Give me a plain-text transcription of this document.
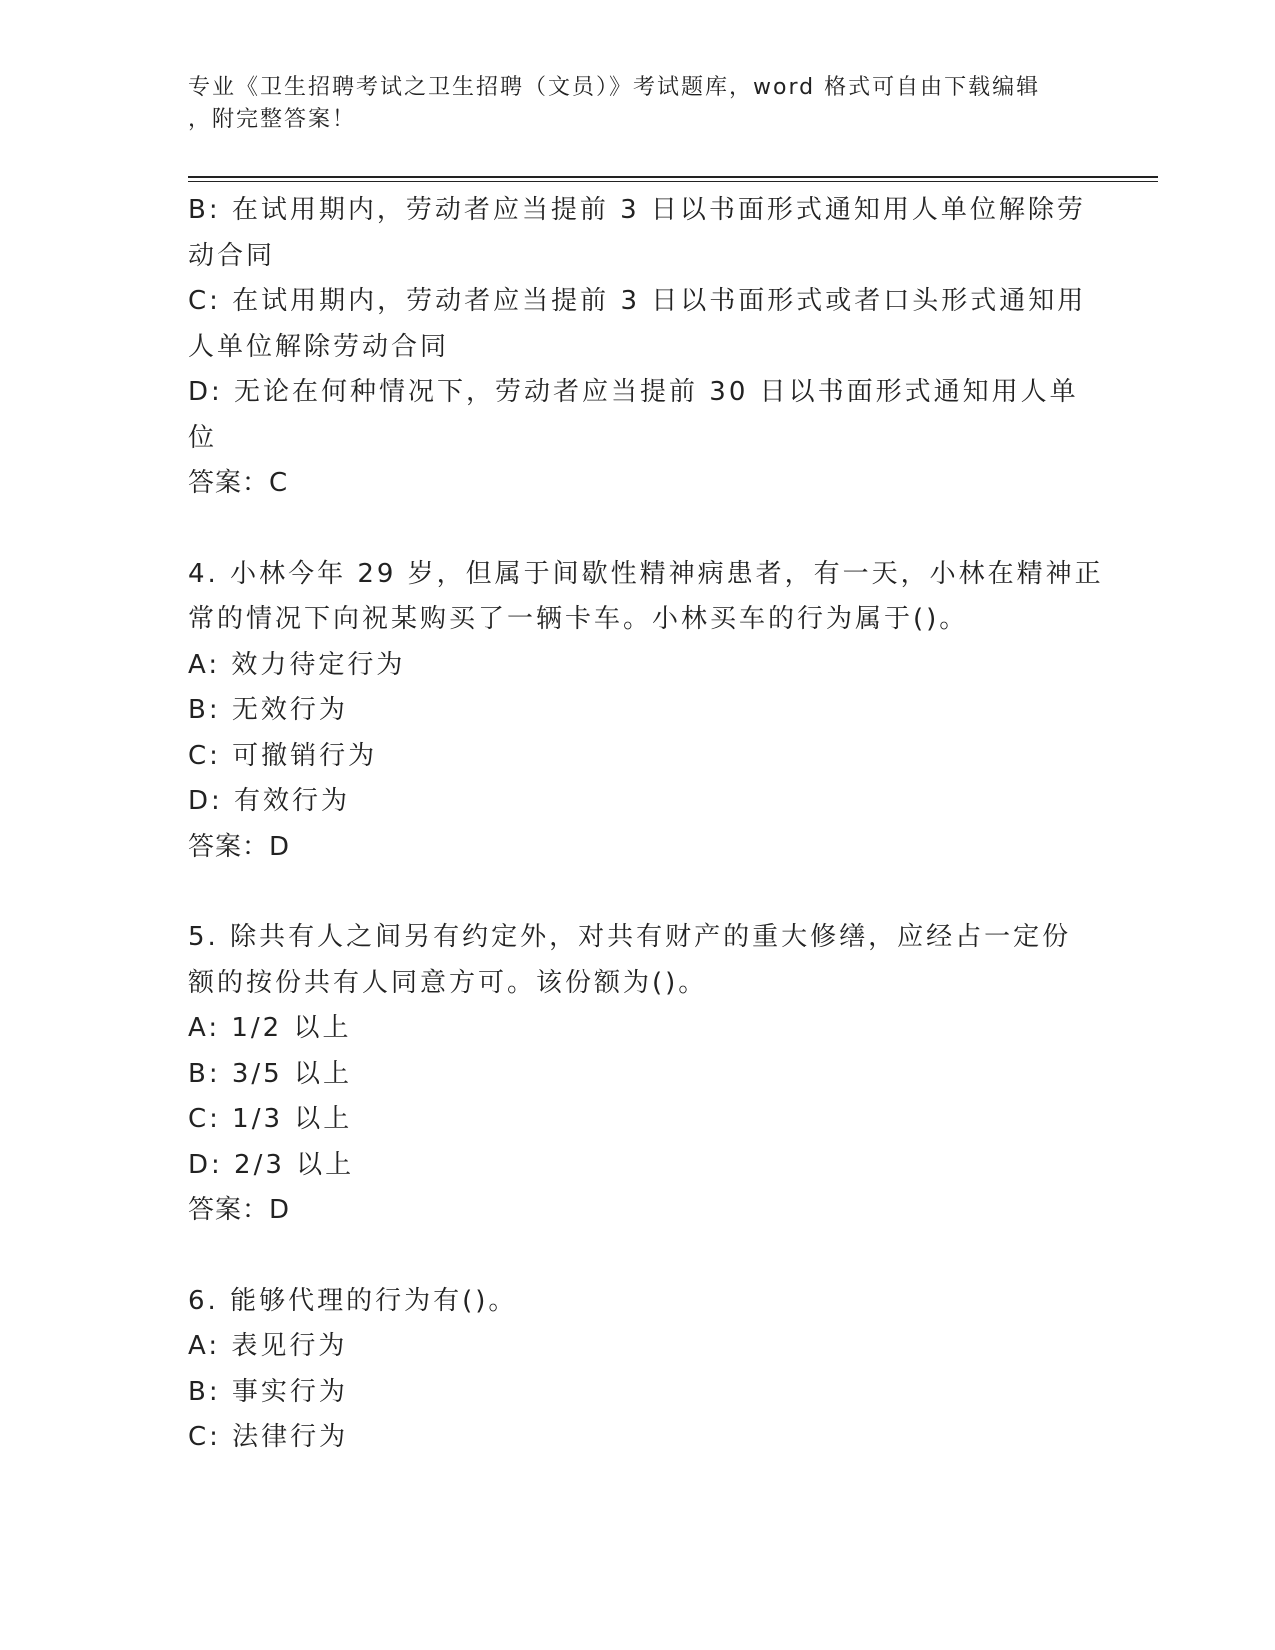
专业《卫生招聘考试之卫生招聘（文员）》考试题库，word 格式可自由下载编辑
，附完整答案！
B: 在试用期内，劳动者应当提前 3 日以书面形式通知用人单位解除劳
动合同
C: 在试用期内，劳动者应当提前 3 日以书面形式或者口头形式通知用
人单位解除劳动合同
D: 无论在何种情况下，劳动者应当提前 30 日以书面形式通知用人单
位
答案：C
4. 小林今年 29 岁，但属于间歇性精神病患者，有一天，小林在精神正
常的情况下向祝某购买了一辆卡车。小林买车的行为属于()。
A: 效力待定行为
B: 无效行为
C: 可撤销行为
D: 有效行为
答案：D
5. 除共有人之间另有约定外，对共有财产的重大修缮，应经占一定份
额的按份共有人同意方可。该份额为()。
A: 1/2 以上
B: 3/5 以上
C: 1/3 以上
D: 2/3 以上
答案：D
6. 能够代理的行为有()。
A: 表见行为
B: 事实行为
C: 法律行为
